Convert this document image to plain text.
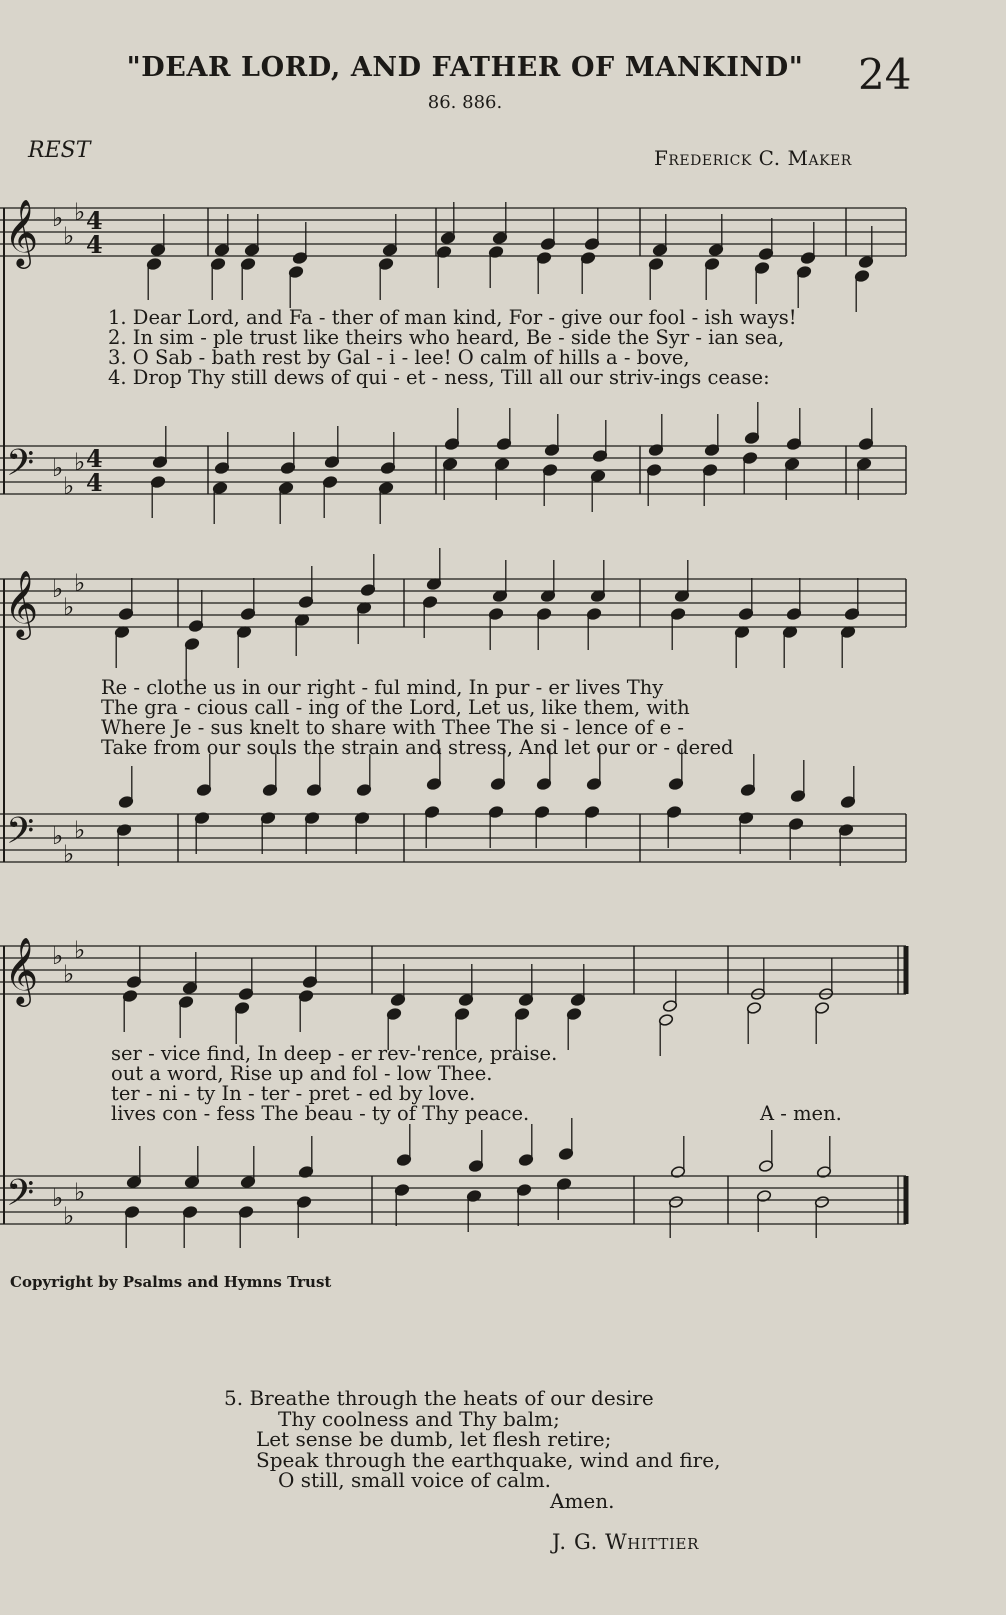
"DEAR LORD, AND FATHER OF MANKIND"
86. 886.
24
REST	Frederick C. Maker
𝄞
𝄢
♭
♭
♭
♭
♭
♭
4
4
4
4
𝄞
𝄢
♭
♭
♭
♭
♭
♭
𝄞
𝄢
♭
♭
♭
♭
♭
♭
1. Dear Lord, and Fa - ther of man kind, For - give our fool - ish ways!
2. In sim - ple trust like theirs who heard, Be - side the Syr - ian sea,
3. O Sab - bath rest by Gal - i - lee! O calm of hills a - bove,
4. Drop Thy still dews of qui - et - ness, Till all our striv-ings cease:
Re - clothe us in our right - ful mind, In pur - er lives Thy
The gra - cious call - ing of the Lord, Let us, like them, with
Where Je - sus knelt to share with Thee The si - lence of e -
Take from our souls the strain and stress, And let our or - dered
ser - vice find, In deep - er rev-'rence, praise.
out a word, Rise up and fol - low Thee.
ter - ni - ty In - ter - pret - ed by love.
lives con - fess The beau - ty of Thy peace.	A - men.
Copyright by Psalms and Hymns Trust
5. Breathe through the heats of our desire
Thy coolness and Thy balm;
Let sense be dumb, let flesh retire;
Speak through the earthquake, wind and fire,
O still, small voice of calm.
Amen.
J. G. Whittier
